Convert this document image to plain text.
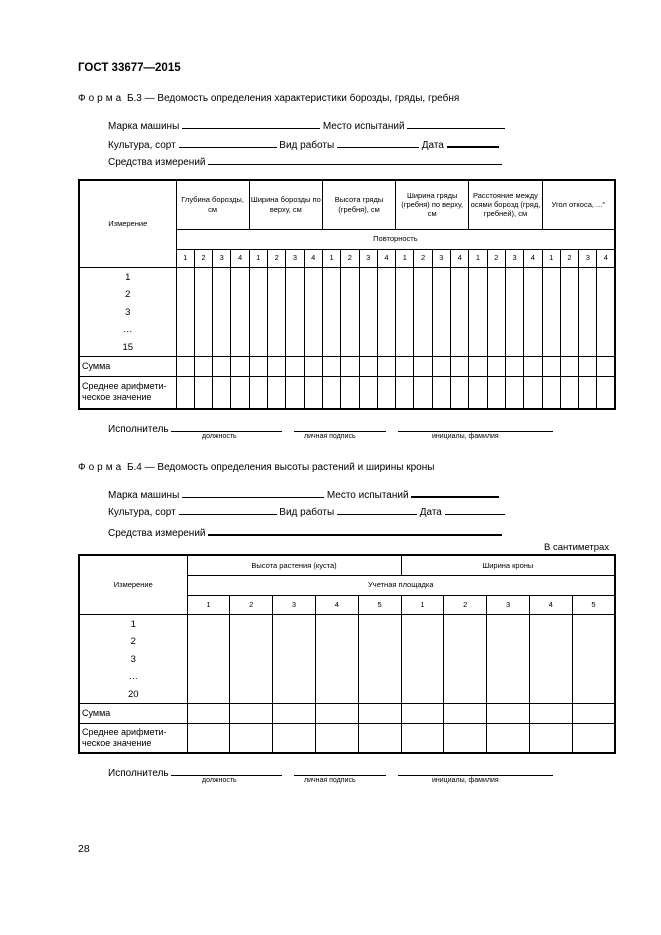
ГОСТ 33677—2015
Форма Б.3 — Ведомость определения характеристики борозды, гряды, гребня
Марка машины	Место испытаний
Культура, сорт	Вид работы	Дата
Средства измерений
Измерение	Глубина борозды, см				Ширина борозды по верху, см				Высота гряды (гребня), см				Ширина гряды (гребня) по верху, см				Расстояние между осями борозд (гряд, гребней), см				Угол откоса, ...°			
	Повторность																							
	1	2	3	4	1	2	3	4	1	2	3	4	1	2	3	4	1	2	3	4	1	2	3	4

1
2
3
…
15																								

Сумма																								
Среднее арифмети-ческое значение																								
Исполнитель
должность	личная подпись	инициалы, фамилия
Форма Б.4 — Ведомость определения высоты растений и ширины кроны
Марка машины	Место испытаний
Культура, сорт	Вид работы	Дата
Средства измерений
В сантиметрах
Измерение	Высота растения (куста)					Ширина кроны				
	Учетная площадка									
	1	2	3	4	5	1	2	3	4	5

1
2
3
…
20										

Сумма										
Среднее арифмети-ческое значение										
Исполнитель
должность	личная подпись	инициалы, фамилия
28
